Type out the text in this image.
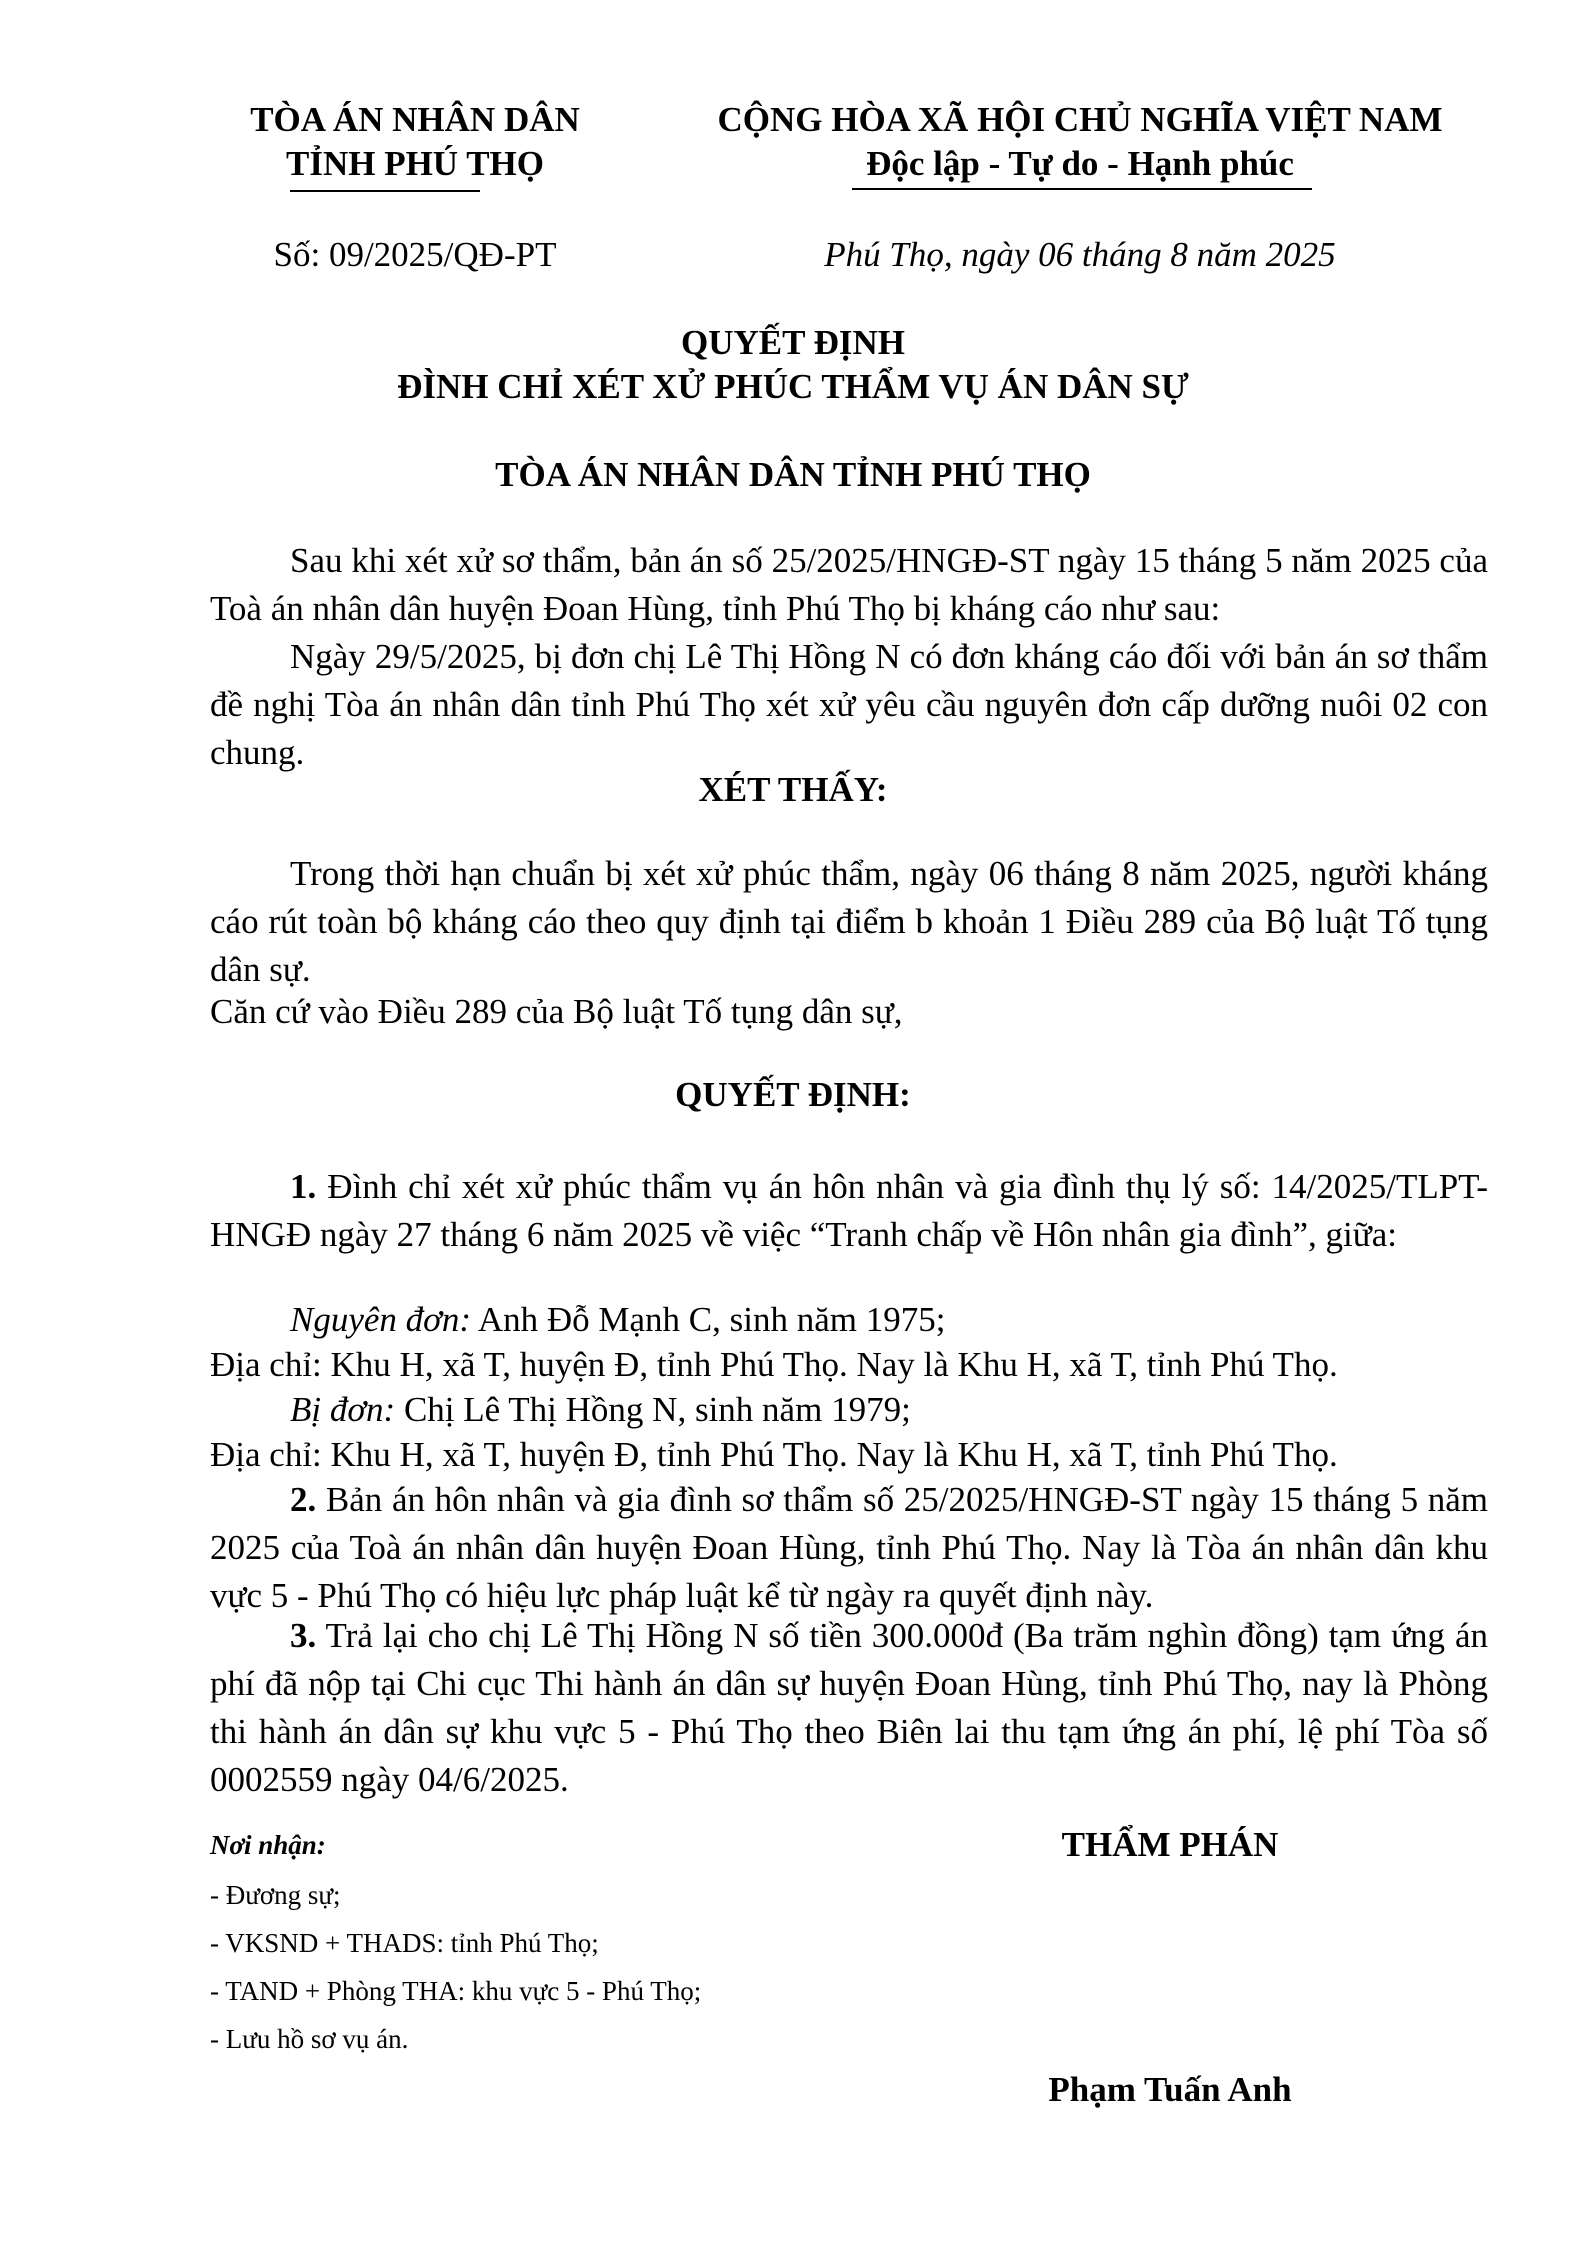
TÒA ÁN NHÂN DÂN
TỈNH PHÚ THỌ
CỘNG HÒA XÃ HỘI CHỦ NGHĨA VIỆT NAM
Độc lập - Tự do - Hạnh phúc
Số: 09/2025/QĐ-PT	Phú Thọ, ngày 06 tháng 8 năm 2025
QUYẾT ĐỊNH
ĐÌNH CHỈ XÉT XỬ PHÚC THẨM VỤ ÁN DÂN SỰ
TÒA ÁN NHÂN DÂN TỈNH PHÚ THỌ
Sau khi xét xử sơ thẩm, bản án số 25/2025/HNGĐ-ST ngày 15 tháng 5 năm 2025 của Toà án nhân dân huyện Đoan Hùng, tỉnh Phú Thọ bị kháng cáo như sau:
Ngày 29/5/2025, bị đơn chị Lê Thị Hồng N có đơn kháng cáo đối với bản án sơ thẩm đề nghị Tòa án nhân dân tỉnh Phú Thọ xét xử yêu cầu nguyên đơn cấp dưỡng nuôi 02 con chung.
XÉT THẤY:
Trong thời hạn chuẩn bị xét xử phúc thẩm, ngày 06 tháng 8 năm 2025, người kháng cáo rút toàn bộ kháng cáo theo quy định tại điểm b khoản 1 Điều 289 của Bộ luật Tố tụng dân sự.
Căn cứ vào Điều 289 của Bộ luật Tố tụng dân sự,
QUYẾT ĐỊNH:
1. Đình chỉ xét xử phúc thẩm vụ án hôn nhân và gia đình thụ lý số: 14/2025/TLPT-HNGĐ ngày 27 tháng 6 năm 2025 về việc “Tranh chấp về Hôn nhân gia đình”, giữa:
Nguyên đơn: Anh Đỗ Mạnh C, sinh năm 1975;
Địa chỉ: Khu H, xã T, huyện Đ, tỉnh Phú Thọ. Nay là Khu H, xã T, tỉnh Phú Thọ.
Bị đơn: Chị Lê Thị Hồng N, sinh năm 1979;
Địa chỉ: Khu H, xã T, huyện Đ, tỉnh Phú Thọ. Nay là Khu H, xã T, tỉnh Phú Thọ.
2. Bản án hôn nhân và gia đình sơ thẩm số 25/2025/HNGĐ-ST ngày 15 tháng 5 năm 2025 của Toà án nhân dân huyện Đoan Hùng, tỉnh Phú Thọ. Nay là Tòa án nhân dân khu vực 5 - Phú Thọ có hiệu lực pháp luật kể từ ngày ra quyết định này.
3. Trả lại cho chị Lê Thị Hồng N số tiền 300.000đ (Ba trăm nghìn đồng) tạm ứng án phí đã nộp tại Chi cục Thi hành án dân sự huyện Đoan Hùng, tỉnh Phú Thọ, nay là Phòng thi hành án dân sự khu vực 5 - Phú Thọ theo Biên lai thu tạm ứng án phí, lệ phí Tòa số 0002559 ngày 04/6/2025.
Nơi nhận:
- Đương sự;
- VKSND + THADS: tỉnh Phú Thọ;
- TAND + Phòng THA: khu vực 5 - Phú Thọ;
- Lưu hồ sơ vụ án.
THẨM PHÁN
Phạm Tuấn Anh
